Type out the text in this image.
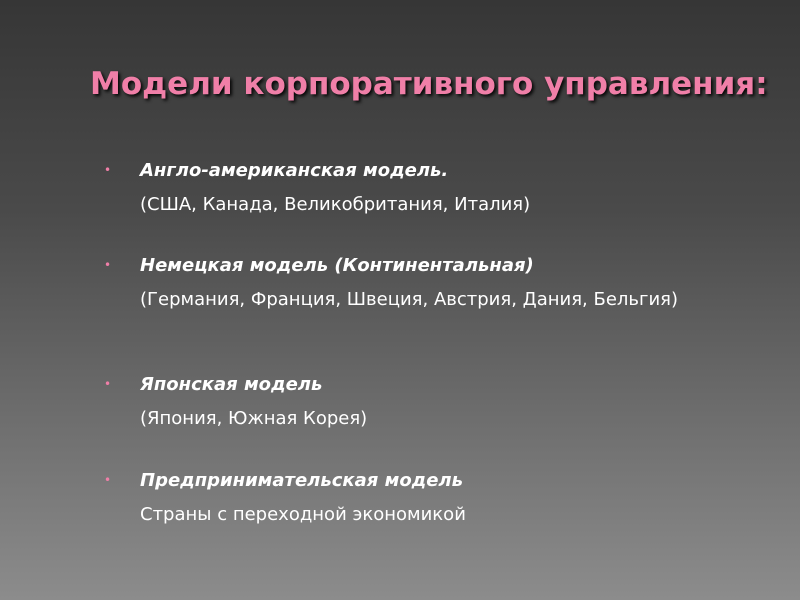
Модели корпоративного управления:
• Англо-американская модель.
(США, Канада, Великобритания, Италия)
• Немецкая модель (Континентальная)
(Германия, Франция, Швеция, Австрия, Дания, Бельгия)
• Японская модель
(Япония, Южная Корея)
• Предпринимательская модель
Страны с переходной экономикой
